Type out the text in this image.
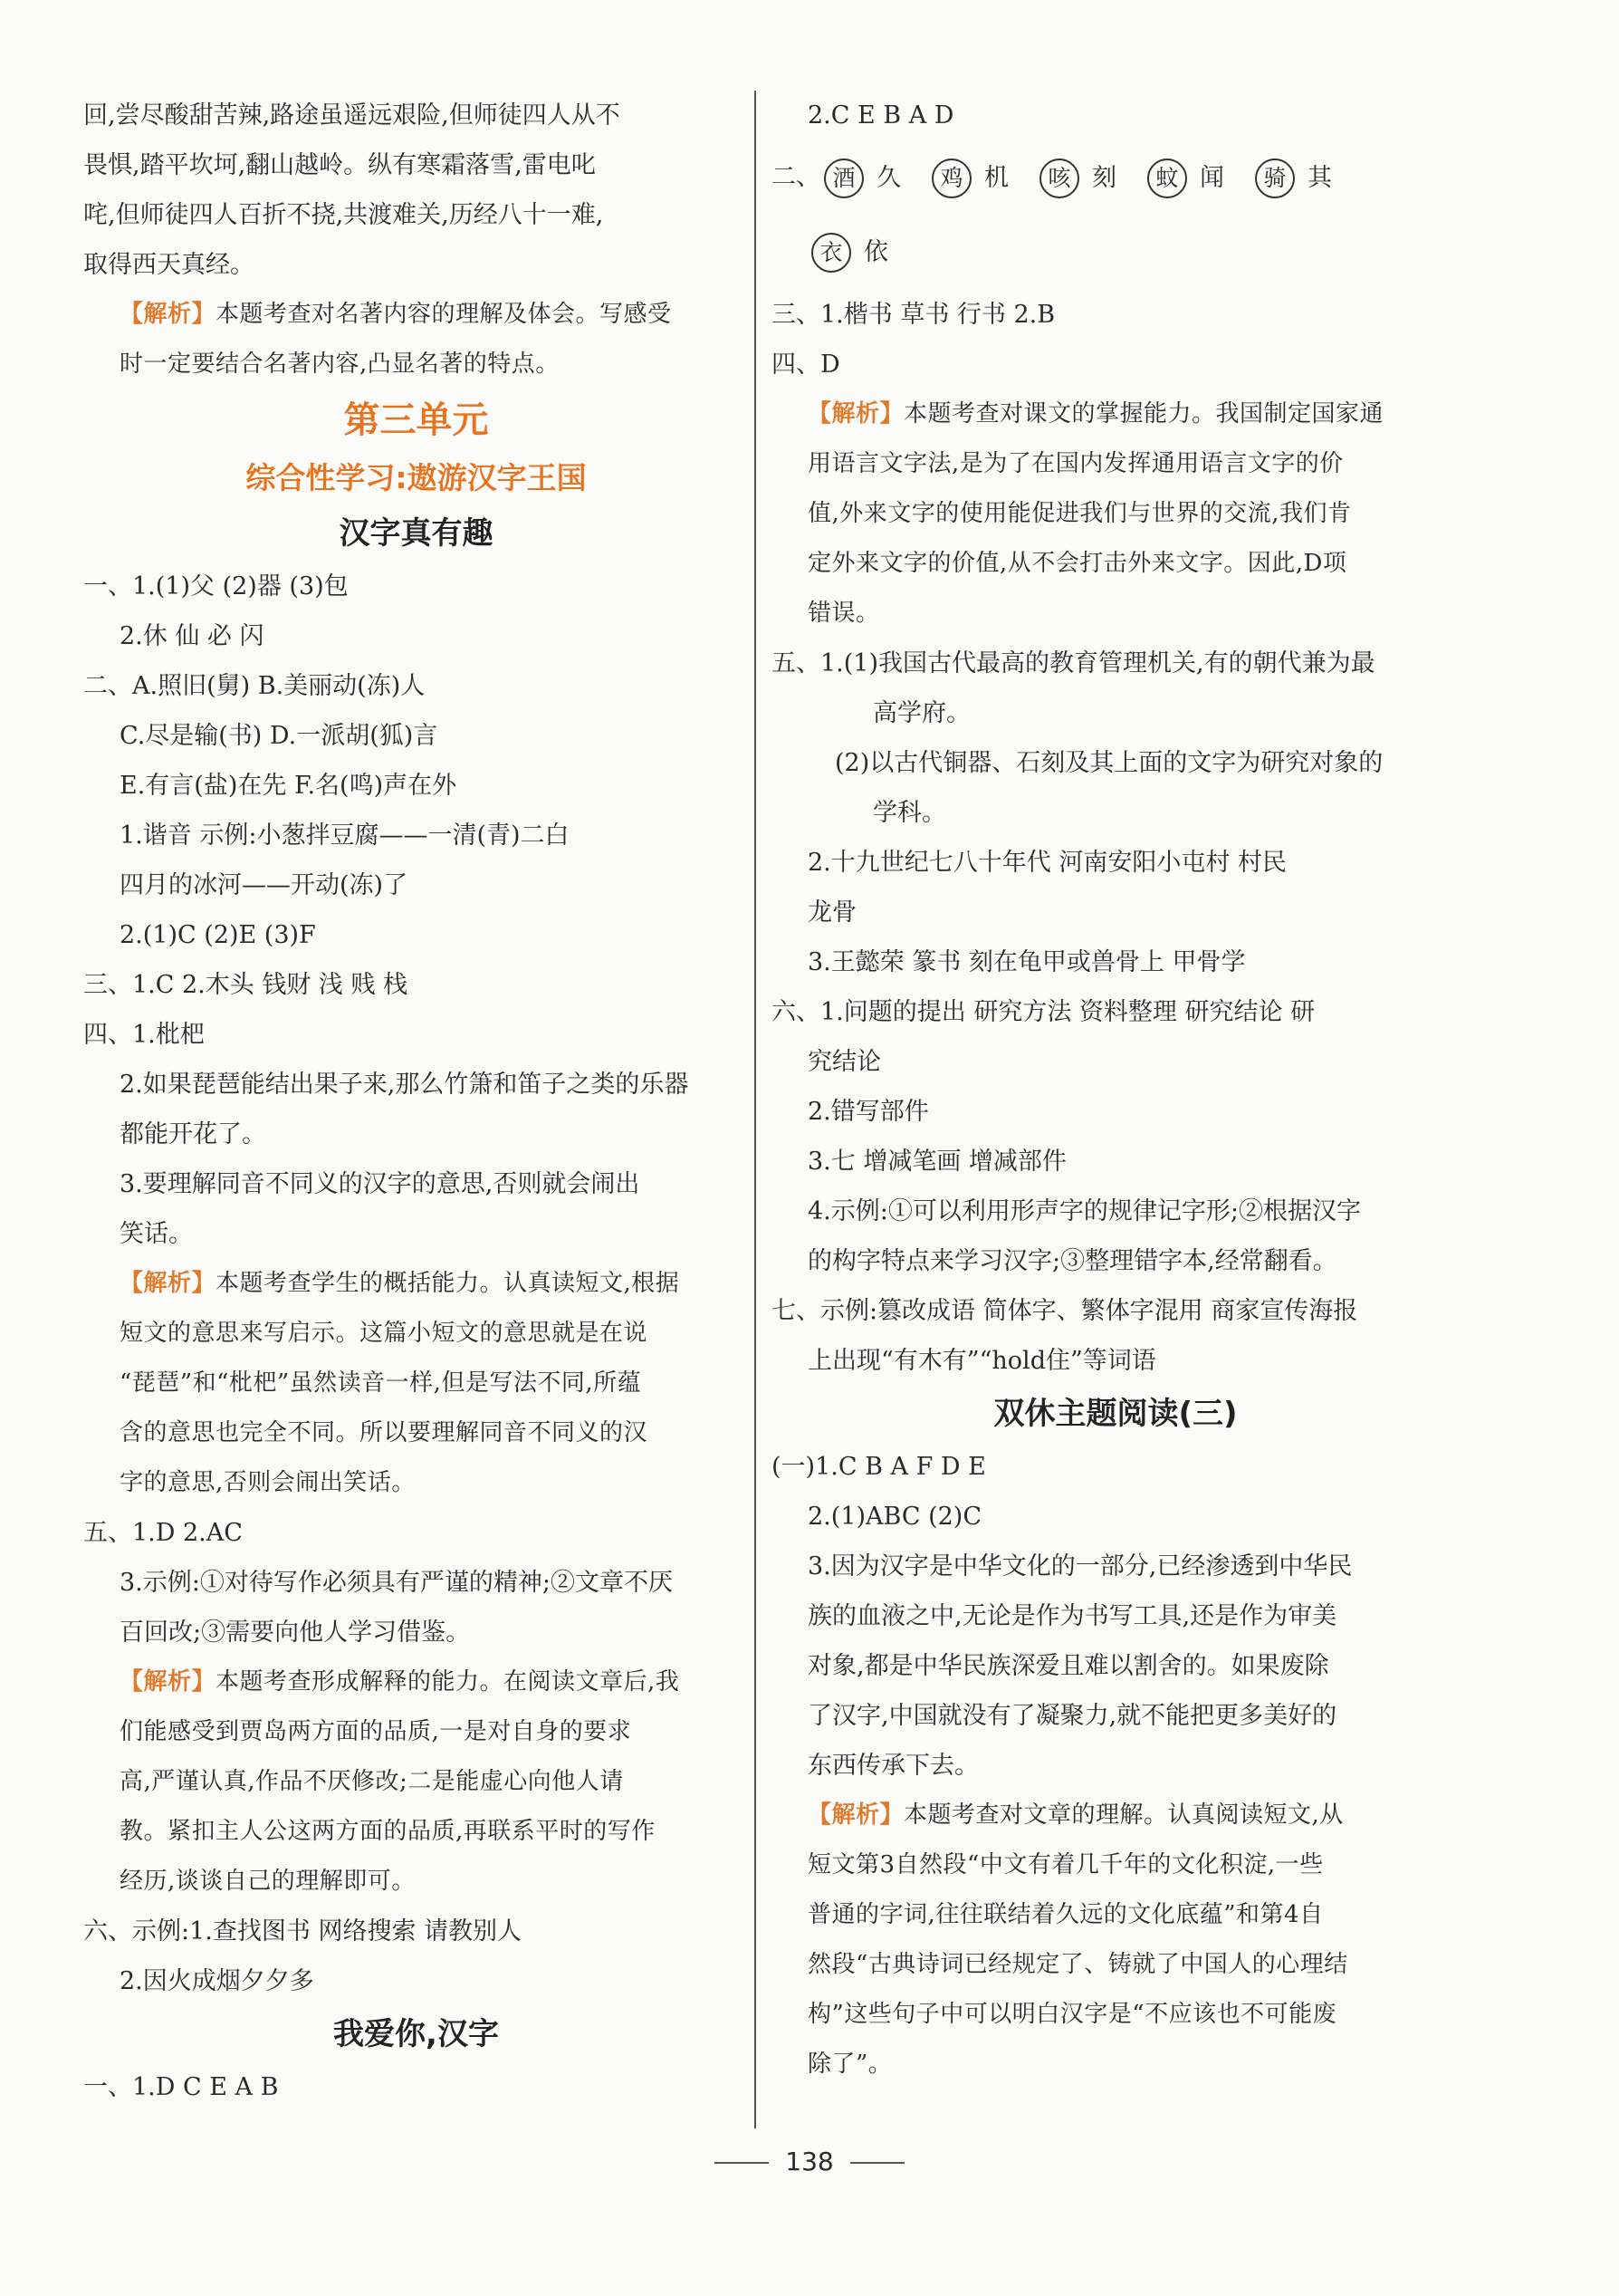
回,尝尽酸甜苦辣,路途虽遥远艰险,但师徒四人从不
畏惧,踏平坎坷,翻山越岭。纵有寒霜落雪,雷电叱
咤,但师徒四人百折不挠,共渡难关,历经八十一难,
取得西天真经。
【解析】本题考查对名著内容的理解及体会。写感受
时一定要结合名著内容,凸显名著的特点。
第三单元
综合性学习:遨游汉字王国
汉字真有趣
一、1.(1)父 (2)器 (3)包
2.休 仙 必 闪
二、A.照旧(舅) B.美丽动(冻)人
C.尽是输(书) D.一派胡(狐)言
E.有言(盐)在先 F.名(鸣)声在外
1.谐音 示例:小葱拌豆腐——一清(青)二白
四月的冰河——开动(冻)了
2.(1)C (2)E (3)F
三、1.C 2.木头 钱财 浅 贱 栈
四、1.枇杷
2.如果琵琶能结出果子来,那么竹箫和笛子之类的乐器
都能开花了。
3.要理解同音不同义的汉字的意思,否则就会闹出
笑话。
【解析】本题考查学生的概括能力。认真读短文,根据
短文的意思来写启示。这篇小短文的意思就是在说
“琵琶”和“枇杷”虽然读音一样,但是写法不同,所蕴
含的意思也完全不同。所以要理解同音不同义的汉
字的意思,否则会闹出笑话。
五、1.D 2.AC
3.示例:①对待写作必须具有严谨的精神;②文章不厌
百回改;③需要向他人学习借鉴。
【解析】本题考查形成解释的能力。在阅读文章后,我
们能感受到贾岛两方面的品质,一是对自身的要求
高,严谨认真,作品不厌修改;二是能虚心向他人请
教。紧扣主人公这两方面的品质,再联系平时的写作
经历,谈谈自己的理解即可。
六、示例:1.查找图书 网络搜索 请教别人
2.因火成烟夕夕多
我爱你,汉字
一、1.D C E A B
2.C E B A D
二、 酒 久 鸡 机 咳 刻 蚊 闻 骑 其
衣 依
三、1.楷书 草书 行书 2.B
四、D
【解析】本题考查对课文的掌握能力。我国制定国家通
用语言文字法,是为了在国内发挥通用语言文字的价
值,外来文字的使用能促进我们与世界的交流,我们肯
定外来文字的价值,从不会打击外来文字。因此,D项
错误。
五、1.(1)我国古代最高的教育管理机关,有的朝代兼为最
高学府。
(2)以古代铜器、石刻及其上面的文字为研究对象的
学科。
2.十九世纪七八十年代 河南安阳小屯村 村民
龙骨
3.王懿荣 篆书 刻在龟甲或兽骨上 甲骨学
六、1.问题的提出 研究方法 资料整理 研究结论 研
究结论
2.错写部件
3.七 增减笔画 增减部件
4.示例:①可以利用形声字的规律记字形;②根据汉字
的构字特点来学习汉字;③整理错字本,经常翻看。
七、示例:篡改成语 简体字、繁体字混用 商家宣传海报
上出现“有木有”“hold住”等词语
双休主题阅读(三)
(一)1.C B A F D E
2.(1)ABC (2)C
3.因为汉字是中华文化的一部分,已经渗透到中华民
族的血液之中,无论是作为书写工具,还是作为审美
对象,都是中华民族深爱且难以割舍的。如果废除
了汉字,中国就没有了凝聚力,就不能把更多美好的
东西传承下去。
【解析】本题考查对文章的理解。认真阅读短文,从
短文第3自然段“中文有着几千年的文化积淀,一些
普通的字词,往往联结着久远的文化底蕴”和第4自
然段“古典诗词已经规定了、铸就了中国人的心理结
构”这些句子中可以明白汉字是“不应该也不可能废
除了”。
138
